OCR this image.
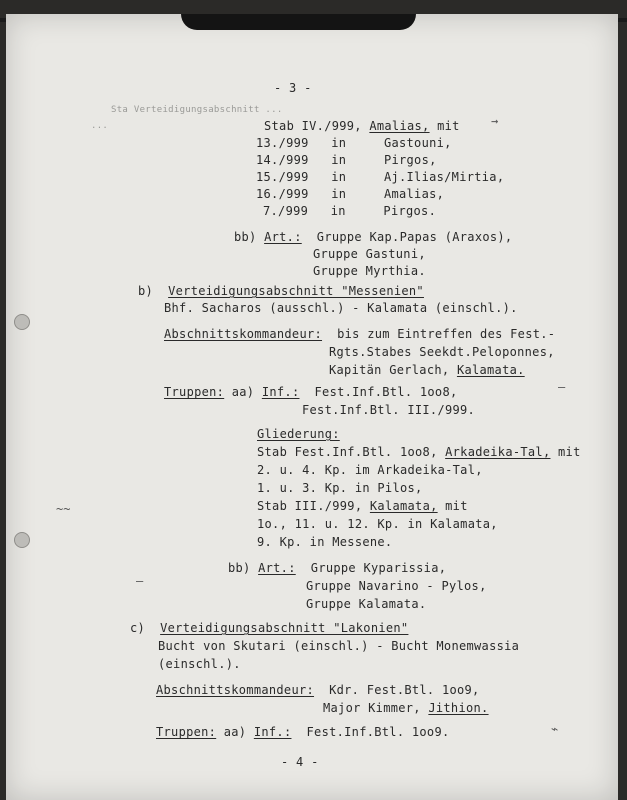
- 3 -
Sta Verteidigungsabschnitt ...
...	Stab IV./999, Amalias, mit	→
13./999 in	Gastouni,
14./999 in	Pirgos,
15./999 in	Aj.Ilias/Mirtia,
16./999 in	Amalias,
7./999 in	Pirgos.
bb) Art.: Gruppe Kap.Papas (Araxos),
Gruppe Gastuni,
Gruppe Myrthia.
b) Verteidigungsabschnitt "Messenien"
Bhf. Sacharos (ausschl.) - Kalamata (einschl.).
Abschnittskommandeur: bis zum Eintreffen des Fest.-
Rgts.Stabes Seekdt.Peloponnes,
Kapitän Gerlach, Kalamata.
Truppen: aa) Inf.: Fest.Inf.Btl. 1oo8,	—
Fest.Inf.Btl. III./999.
Gliederung:
Stab Fest.Inf.Btl. 1oo8, Arkadeika-Tal, mit
2. u. 4. Kp. im Arkadeika-Tal,
1. u. 3. Kp. in Pilos,
Stab III./999, Kalamata, mit
1o., 11. u. 12. Kp. in Kalamata,
9. Kp. in Messene.
~~
bb) Art.: Gruppe Kyparissia,
—	Gruppe Navarino - Pylos,
Gruppe Kalamata.
c) Verteidigungsabschnitt "Lakonien"
Bucht von Skutari (einschl.) - Bucht Monemwassia
(einschl.).
Abschnittskommandeur: Kdr. Fest.Btl. 1oo9,
Major Kimmer, Jithion.
Truppen: aa) Inf.: Fest.Inf.Btl. 1oo9.	⌁
- 4 -
